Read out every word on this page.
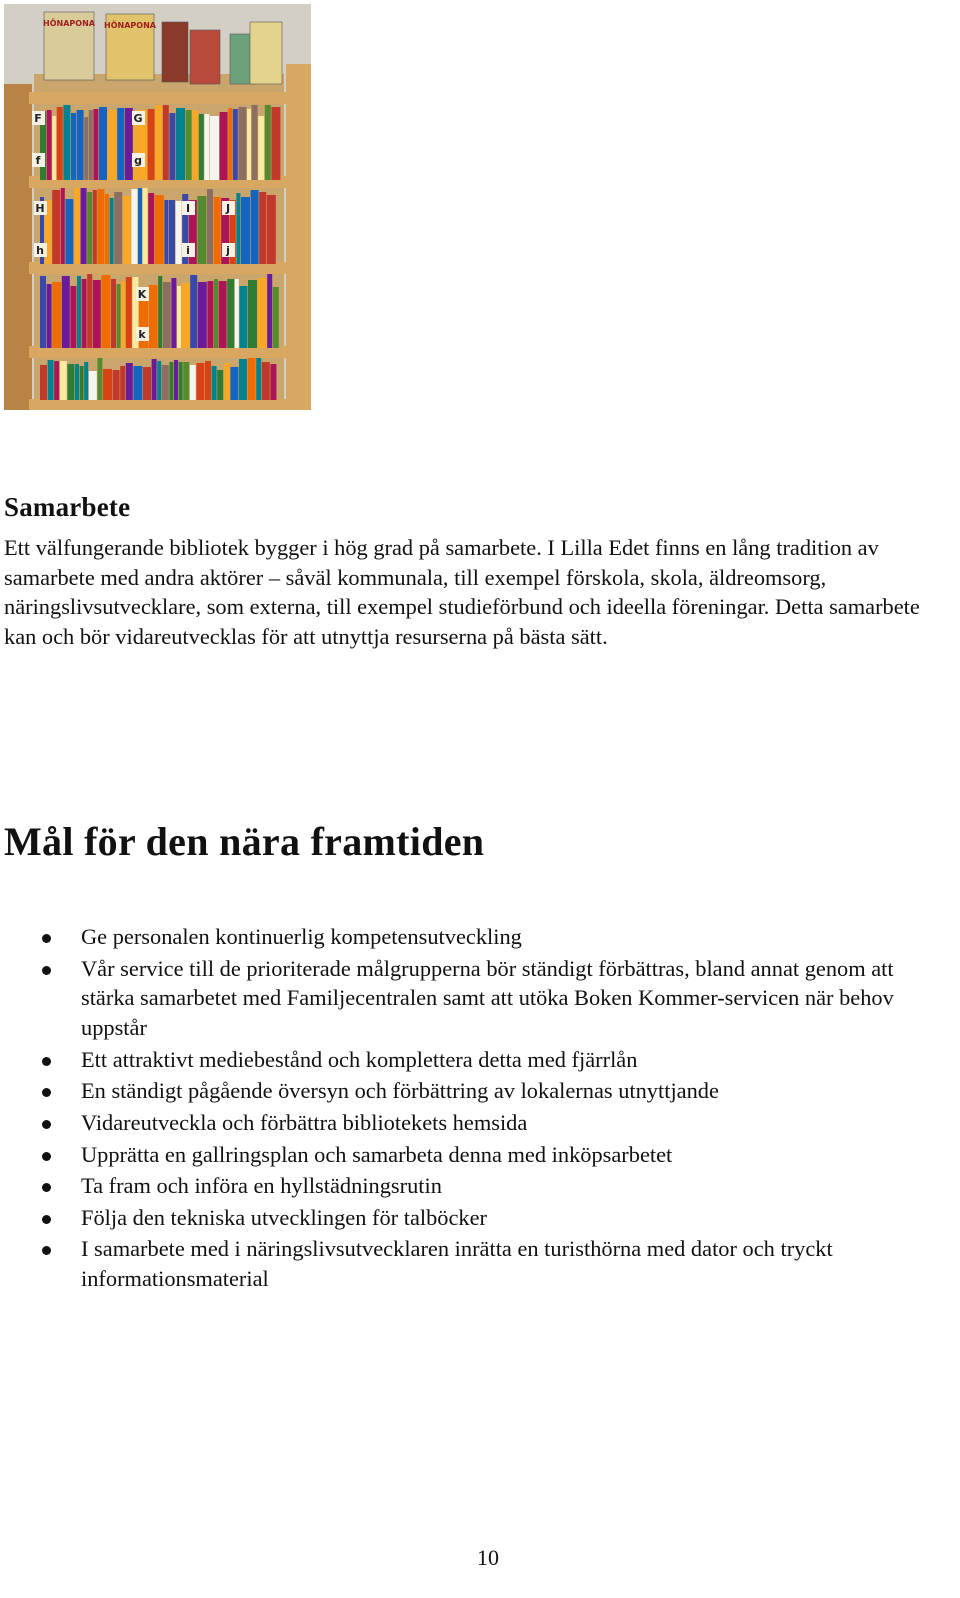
HÖNAPONA HÖNAPONA
F
f
G
g
H
h
I
i
J
j
K
k
Samarbete

Ett välfungerande bibliotek bygger i hög grad på samarbete. I Lilla Edet finns en lång tradition av samarbete med andra aktörer – såväl kommunala, till exempel förskola, skola, äldreomsorg, näringslivsutvecklare, som externa, till exempel studieförbund och ideella föreningar. Detta samarbete kan och bör vidareutvecklas för att utnyttja resurserna på bästa sätt.

Mål för den nära framtiden
Ge personalen kontinuerlig kompetensutveckling
Vår service till de prioriterade målgrupperna bör ständigt förbättras, bland annat genom att stärka samarbetet med Familjecentralen samt att utöka Boken Kommer-servicen när behov uppstår
Ett attraktivt mediebestånd och komplettera detta med fjärrlån
En ständigt pågående översyn och förbättring av lokalernas utnyttjande
Vidareutveckla och förbättra bibliotekets hemsida
Upprätta en gallringsplan och samarbeta denna med inköpsarbetet
Ta fram och införa en hyllstädningsrutin
Följa den tekniska utvecklingen för talböcker
I samarbete med i näringslivsutvecklaren inrätta en turisthörna med dator och tryckt informationsmaterial
10
